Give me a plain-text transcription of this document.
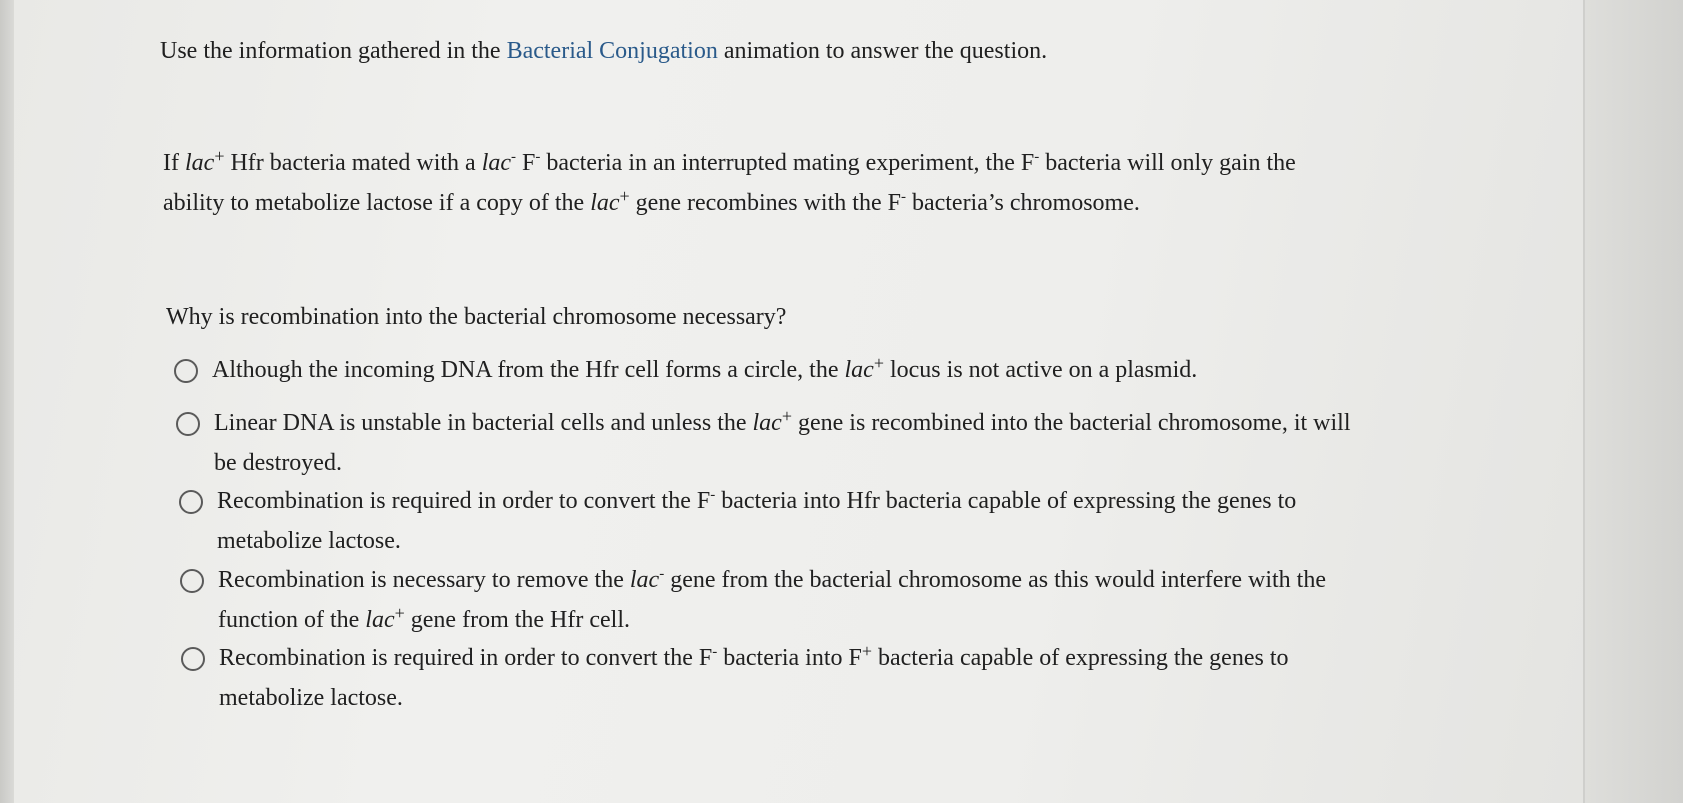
Use the information gathered in the Bacterial Conjugation animation to answer the question.
If lac+ Hfr bacteria mated with a lac- F- bacteria in an interrupted mating experiment, the F- bacteria will only gain the
ability to metabolize lactose if a copy of the lac+ gene recombines with the F- bacteria’s chromosome.
Why is recombination into the bacterial chromosome necessary?
Although the incoming DNA from the Hfr cell forms a circle, the lac+ locus is not active on a plasmid.
Linear DNA is unstable in bacterial cells and unless the lac+ gene is recombined into the bacterial chromosome, it will
be destroyed.
Recombination is required in order to convert the F- bacteria into Hfr bacteria capable of expressing the genes to
metabolize lactose.
Recombination is necessary to remove the lac- gene from the bacterial chromosome as this would interfere with the
function of the lac+ gene from the Hfr cell.
Recombination is required in order to convert the F- bacteria into F+ bacteria capable of expressing the genes to
metabolize lactose.
